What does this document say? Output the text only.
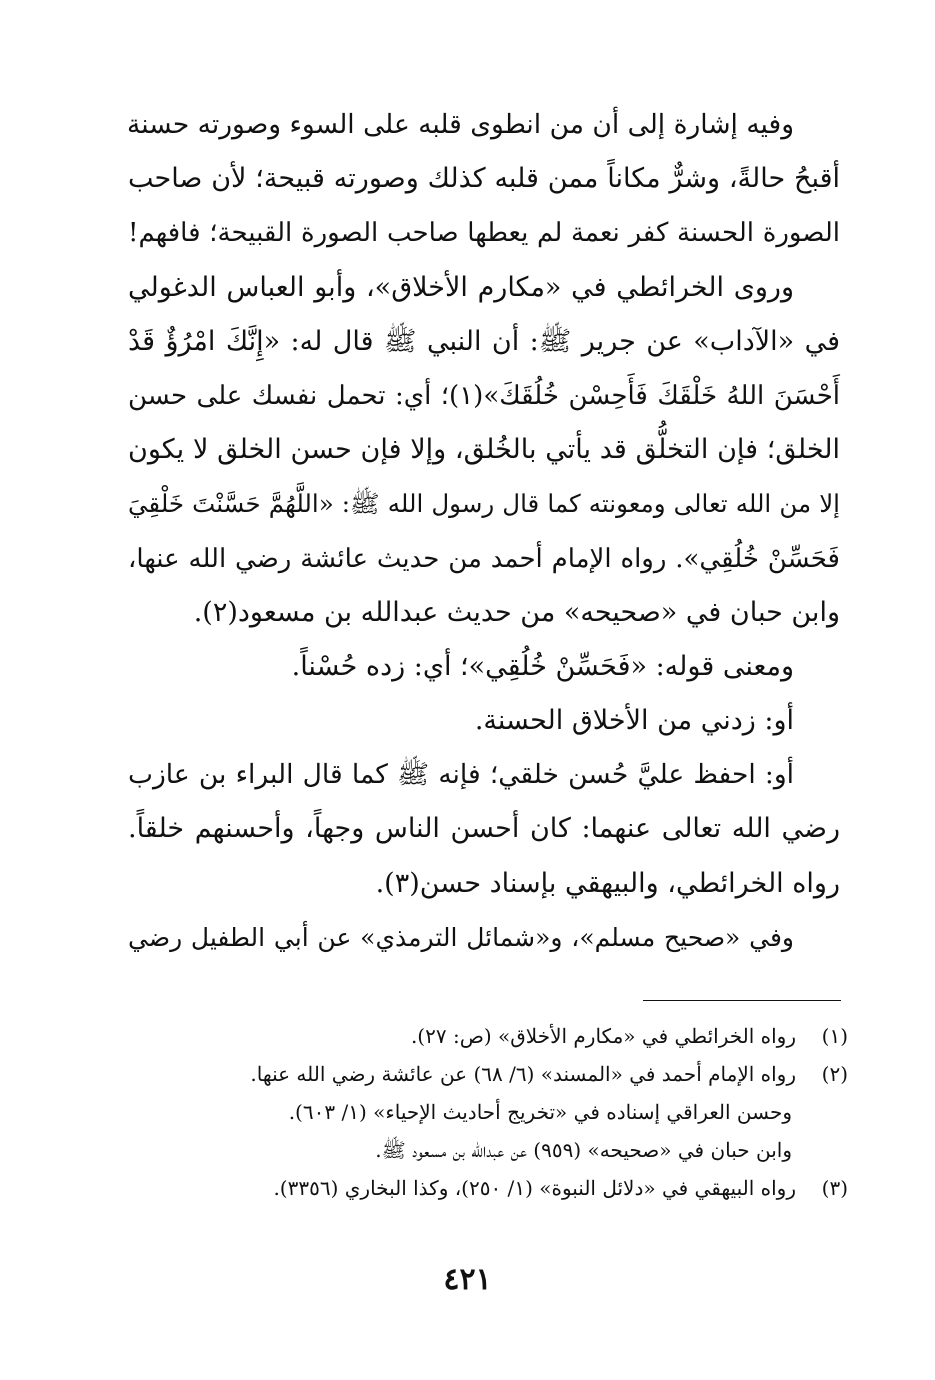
وفيه إشارة إلى أن من انطوى قلبه على السوء وصورته حسنة
أقبحُ حالةً، وشرٌّ مكاناً ممن قلبه كذلك وصورته قبيحة؛ لأن صاحب
الصورة الحسنة كفر نعمة لم يعطها صاحب الصورة القبيحة؛ فافهم!
وروى الخرائطي في «مكارم الأخلاق»، وأبو العباس الدغولي
في «الآداب» عن جرير ﷺ: أن النبي ﷺ قال له: «إِنَّكَ امْرُؤٌ قَدْ
أَحْسَنَ اللهُ خَلْقَكَ فَأَحِسْن خُلُقَكَ»(١)؛ أي: تحمل نفسك على حسن
الخلق؛ فإن التخلُّق قد يأتي بالخُلق، وإلا فإن حسن الخلق لا يكون
إلا من الله تعالى ومعونته كما قال رسول الله ﷺ: «اللَّهُمَّ حَسَّنْتَ خَلْقِيَ
فَحَسِّنْ خُلُقِي». رواه الإمام أحمد من حديث عائشة رضي الله عنها،
وابن حبان في «صحيحه» من حديث عبدالله بن مسعود(٢).
ومعنى قوله: «فَحَسِّنْ خُلُقِي»؛ أي: زده حُسْناً.
أو: زدني من الأخلاق الحسنة.
أو: احفظ عليَّ حُسن خلقي؛ فإنه ﷺ كما قال البراء بن عازب
رضي الله تعالى عنهما: كان أحسن الناس وجهاً، وأحسنهم خلقاً.
رواه الخرائطي، والبيهقي بإسناد حسن(٣).
وفي «صحيح مسلم»، و«شمائل الترمذي» عن أبي الطفيل رضي
(١)رواه الخرائطي في «مكارم الأخلاق» (ص: ٢٧).
(٢)رواه الإمام أحمد في «المسند» (٦/ ٦٨) عن عائشة رضي الله عنها.
وحسن العراقي إسناده في «تخريج أحاديث الإحياء» (١/ ٦٠٣).
وابن حبان في «صحيحه» (٩٥٩) عن عبدالله بن مسعود ﷺ.
(٣)رواه البيهقي في «دلائل النبوة» (١/ ٢٥٠)، وكذا البخاري (٣٣٥٦).
٤٢١
